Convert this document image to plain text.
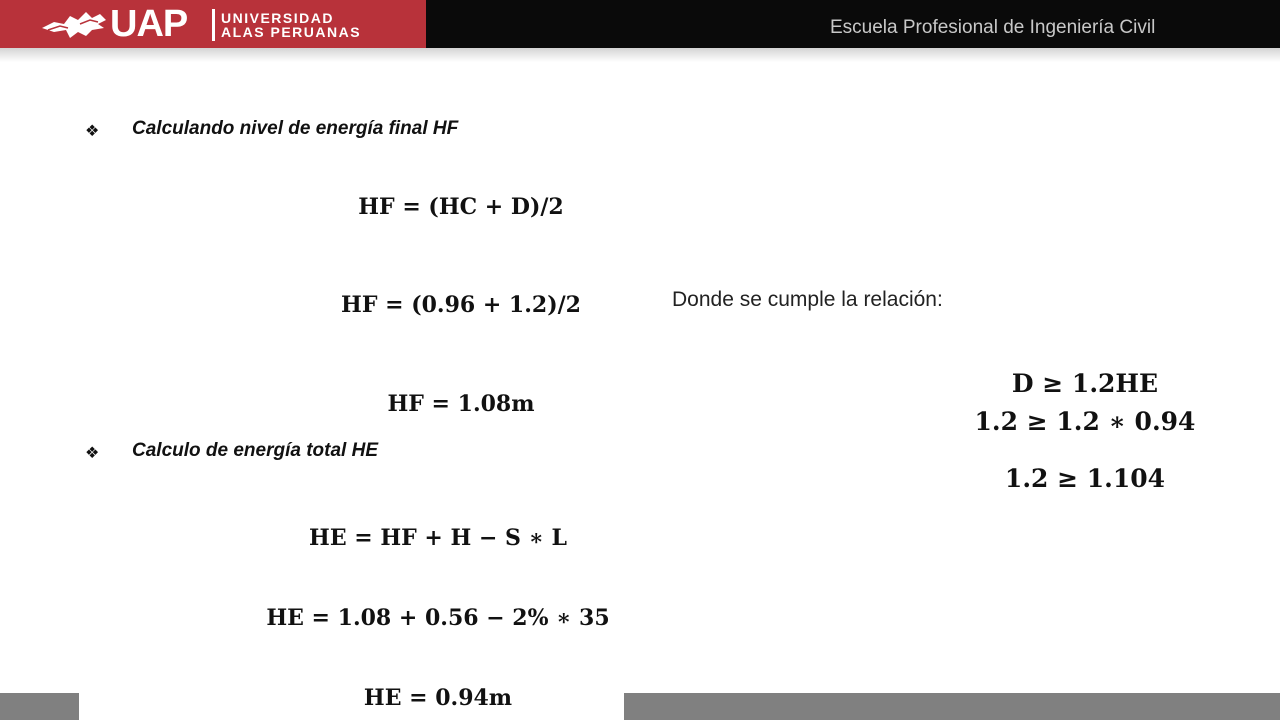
UAP UNIVERSIDAD
ALAS PERUANAS	Escuela Profesional de Ingeniería Civil
❖ Calculando nivel de energía final HF
HF = (HC + D)/2
HF = (0.96 + 1.2)/2
HF = 1.08m
❖ Calculo de energía total HE
HE = HF + H − S ∗ L
HE = 1.08 + 0.56 − 2% ∗ 35
HE = 0.94m
Donde se cumple la relación:
D ≥ 1.2HE
1.2 ≥ 1.2 ∗ 0.94
1.2 ≥ 1.104
